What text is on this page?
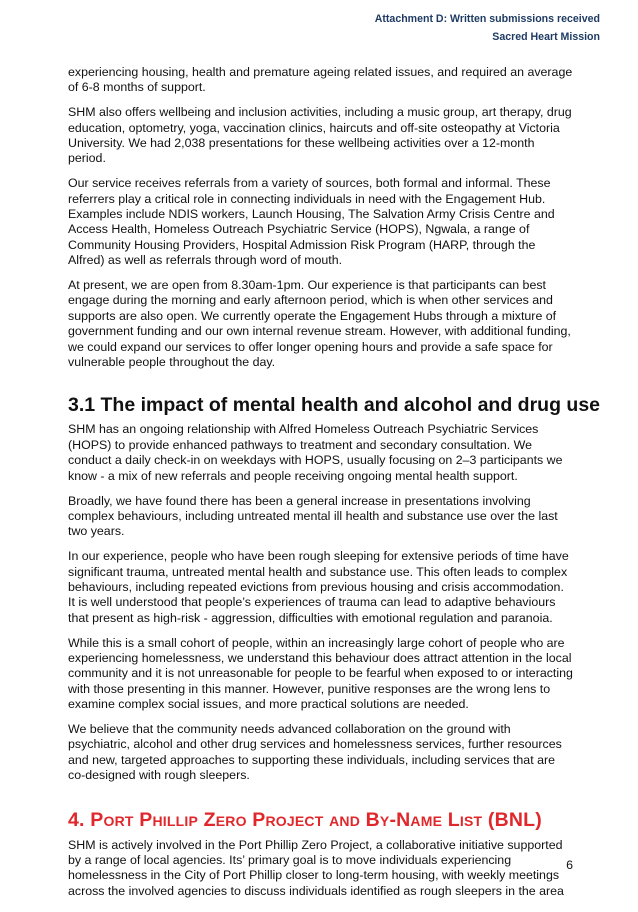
Attachment D: Written submissions received
Sacred Heart Mission

experiencing housing, health and premature ageing related issues, and required an average of 6-8 months of support.

SHM also offers wellbeing and inclusion activities, including a music group, art therapy, drug education, optometry, yoga, vaccination clinics, haircuts and off-site osteopathy at Victoria University. We had 2,038 presentations for these wellbeing activities over a 12-month period.

Our service receives referrals from a variety of sources, both formal and informal. These referrers play a critical role in connecting individuals in need with the Engagement Hub. Examples include NDIS workers, Launch Housing, The Salvation Army Crisis Centre and Access Health, Homeless Outreach Psychiatric Service (HOPS), Ngwala, a range of Community Housing Providers, Hospital Admission Risk Program (HARP, through the Alfred) as well as referrals through word of mouth.

At present, we are open from 8.30am-1pm. Our experience is that participants can best engage during the morning and early afternoon period, which is when other services and supports are also open. We currently operate the Engagement Hubs through a mixture of government funding and our own internal revenue stream. However, with additional funding, we could expand our services to offer longer opening hours and provide a safe space for vulnerable people throughout the day.

3.1 The impact of mental health and alcohol and drug use

SHM has an ongoing relationship with Alfred Homeless Outreach Psychiatric Services (HOPS) to provide enhanced pathways to treatment and secondary consultation. We conduct a daily check-in on weekdays with HOPS, usually focusing on 2–3 participants we know - a mix of new referrals and people receiving ongoing mental health support.

Broadly, we have found there has been a general increase in presentations involving complex behaviours, including untreated mental ill health and substance use over the last two years.

In our experience, people who have been rough sleeping for extensive periods of time have significant trauma, untreated mental health and substance use. This often leads to complex behaviours, including repeated evictions from previous housing and crisis accommodation. It is well understood that people’s experiences of trauma can lead to adaptive behaviours that present as high-risk - aggression, difficulties with emotional regulation and paranoia.

While this is a small cohort of people, within an increasingly large cohort of people who are experiencing homelessness, we understand this behaviour does attract attention in the local community and it is not unreasonable for people to be fearful when exposed to or interacting with those presenting in this manner. However, punitive responses are the wrong lens to examine complex social issues, and more practical solutions are needed.

We believe that the community needs advanced collaboration on the ground with psychiatric, alcohol and other drug services and homelessness services, further resources and new, targeted approaches to supporting these individuals, including services that are co-designed with rough sleepers.

4. Port Phillip Zero Project and By-Name List (BNL)

SHM is actively involved in the Port Phillip Zero Project, a collaborative initiative supported by a range of local agencies. Its’ primary goal is to move individuals experiencing homelessness in the City of Port Phillip closer to long-term housing, with weekly meetings across the involved agencies to discuss individuals identified as rough sleepers in the area

6
